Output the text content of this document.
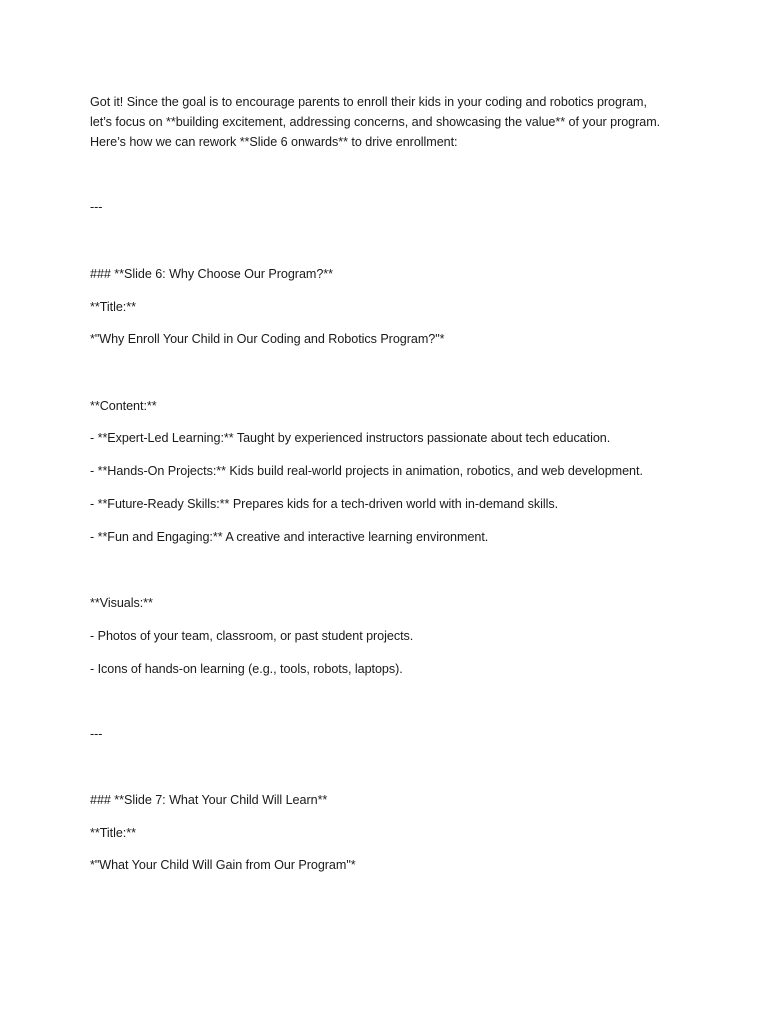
Got it! Since the goal is to encourage parents to enroll their kids in your coding and robotics program,
let’s focus on **building excitement, addressing concerns, and showcasing the value** of your program.
Here’s how we can rework **Slide 6 onwards** to drive enrollment:
---
### **Slide 6: Why Choose Our Program?**
**Title:**
*"Why Enroll Your Child in Our Coding and Robotics Program?"*
**Content:**
- **Expert-Led Learning:** Taught by experienced instructors passionate about tech education.
- **Hands-On Projects:** Kids build real-world projects in animation, robotics, and web development.
- **Future-Ready Skills:** Prepares kids for a tech-driven world with in-demand skills.
- **Fun and Engaging:** A creative and interactive learning environment.
**Visuals:**
- Photos of your team, classroom, or past student projects.
- Icons of hands-on learning (e.g., tools, robots, laptops).
---
### **Slide 7: What Your Child Will Learn**
**Title:**
*"What Your Child Will Gain from Our Program"*
